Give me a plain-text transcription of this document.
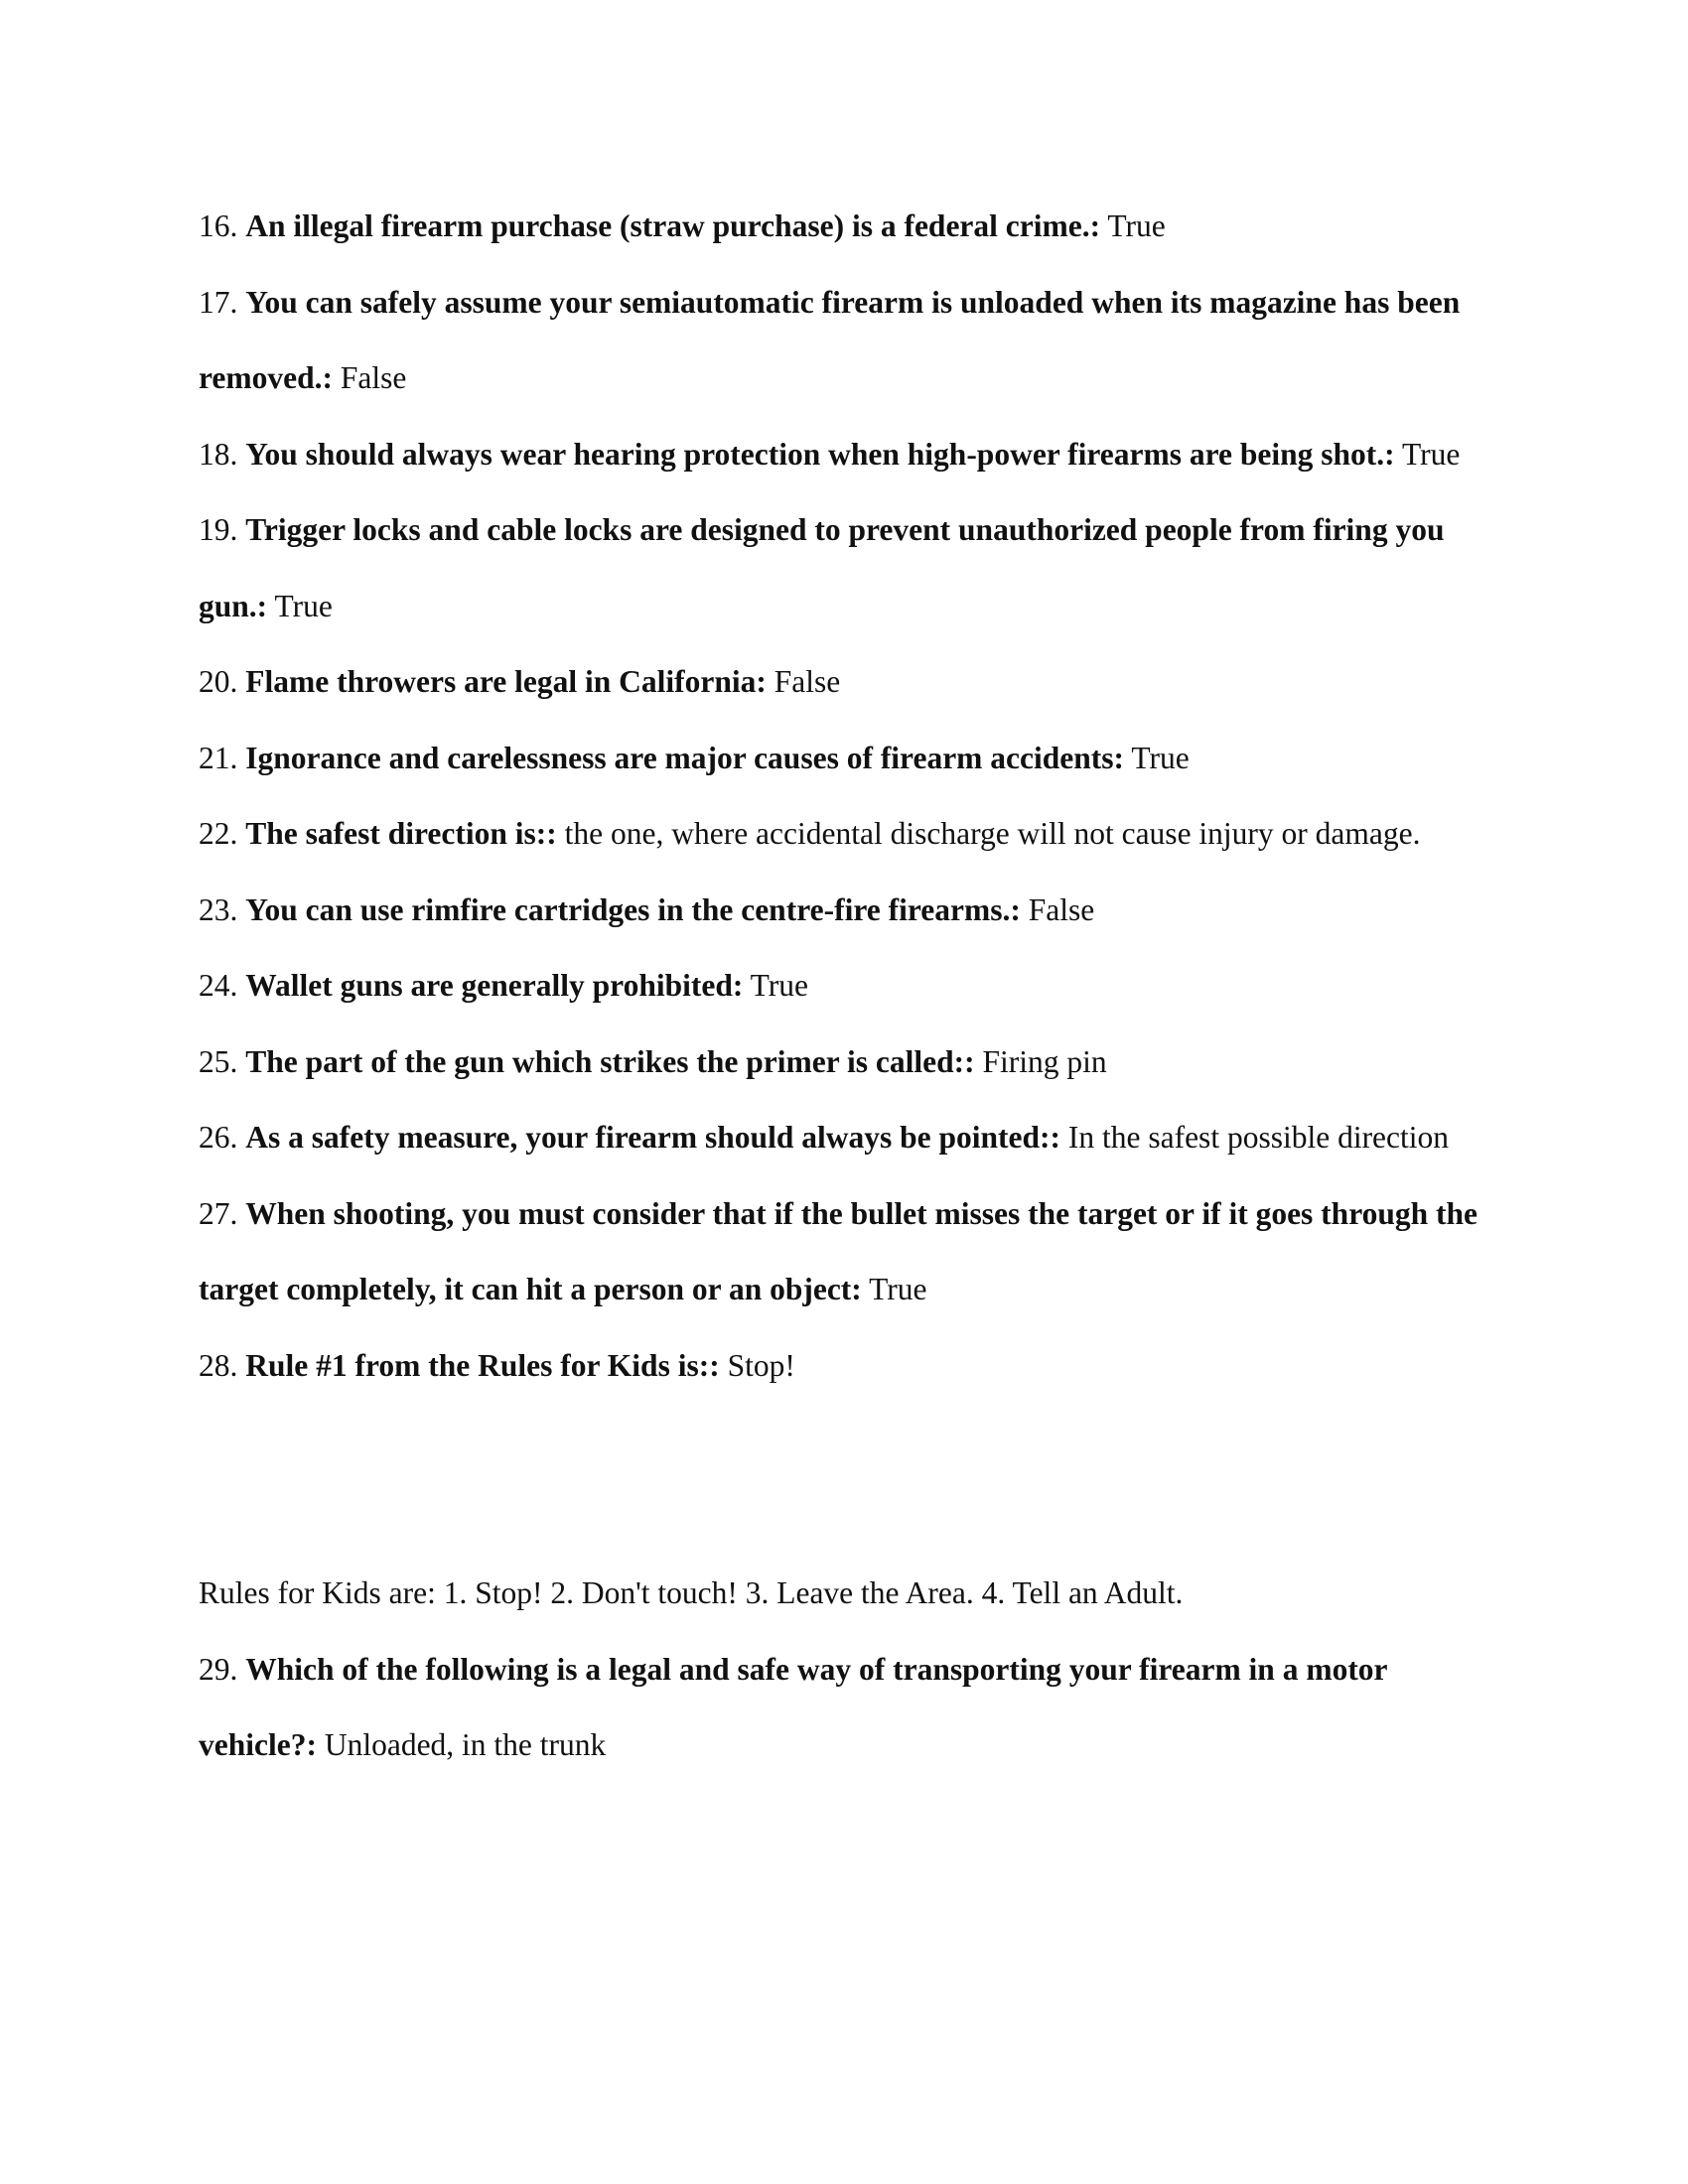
16. An illegal firearm purchase (straw purchase) is a federal crime.: True

17. You can safely assume your semiautomatic firearm is unloaded when its magazine has been removed.: False

18. You should always wear hearing protection when high-power firearms are being shot.: True

19. Trigger locks and cable locks are designed to prevent unauthorized people from firing you gun.: True

20. Flame throwers are legal in California: False

21. Ignorance and carelessness are major causes of firearm accidents: True

22. The safest direction is:: the one, where accidental discharge will not cause injury or damage.

23. You can use rimfire cartridges in the centre-fire firearms.: False

24. Wallet guns are generally prohibited: True

25. The part of the gun which strikes the primer is called:: Firing pin

26. As a safety measure, your firearm should always be pointed:: In the safest possible direction

27. When shooting, you must consider that if the bullet misses the target or if it goes through the target completely, it can hit a person or an object: True

28. Rule #1 from the Rules for Kids is:: Stop!

Rules for Kids are: 1. Stop! 2. Don't touch! 3. Leave the Area. 4. Tell an Adult.

29. Which of the following is a legal and safe way of transporting your firearm in a motor vehicle?: Unloaded, in the trunk
